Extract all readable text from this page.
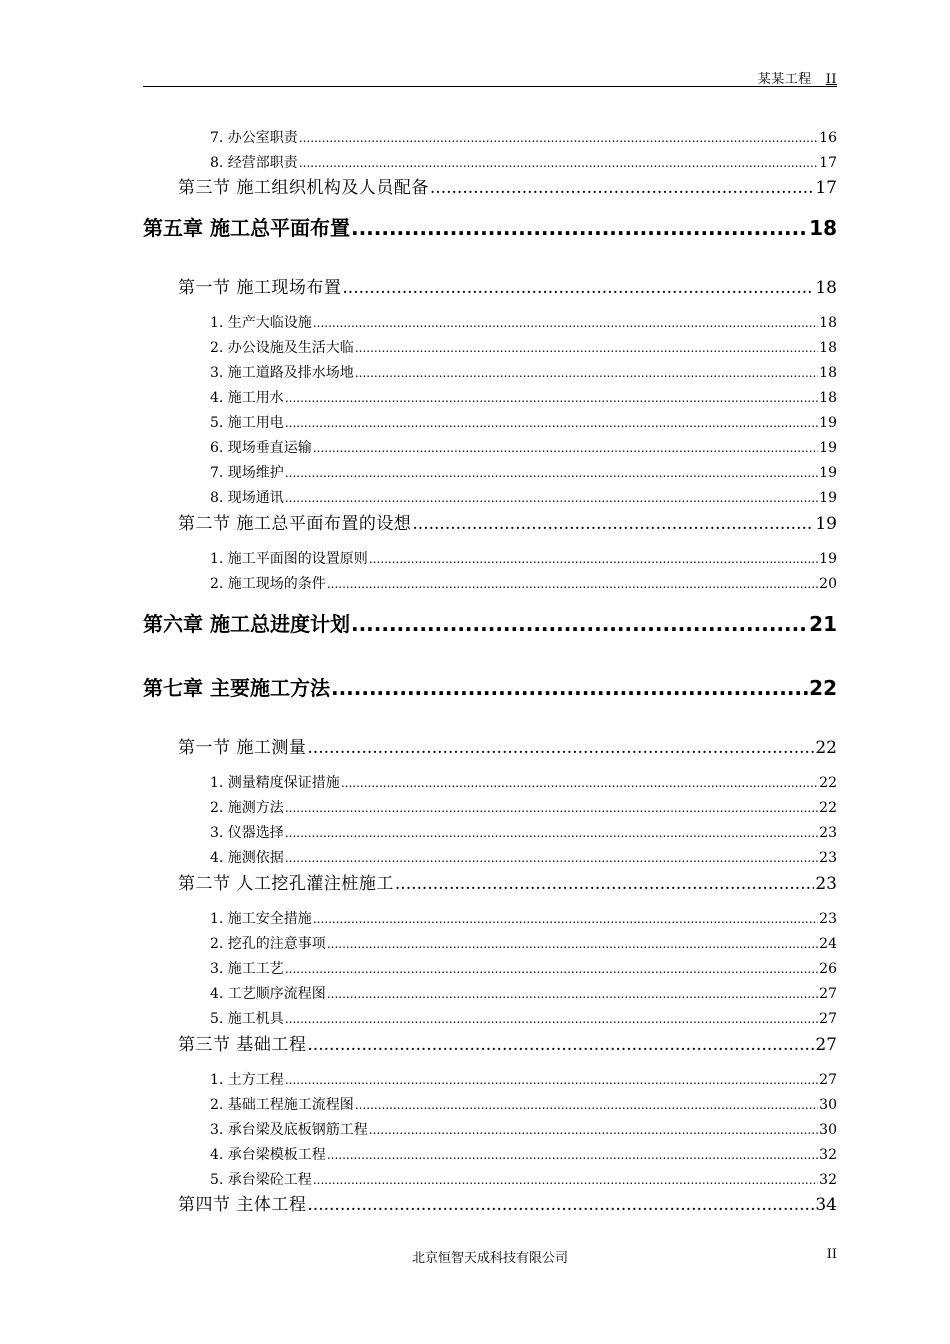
某某工程 II
7. 办公室职责 .....	16
8. 经营部职责 .....	17
第三节 施工组织机构及人员配备 .....	17
第五章 施工总平面布置 .....	18
第一节 施工现场布置 .....	18
1. 生产大临设施 .....	18
2. 办公设施及生活大临 .....	18
3. 施工道路及排水场地 .....	18
4. 施工用水 .....	18
5. 施工用电 .....	19
6. 现场垂直运输 .....	19
7. 现场维护 .....	19
8. 现场通讯 .....	19
第二节 施工总平面布置的设想 .....	19
1. 施工平面图的设置原则 .....	19
2. 施工现场的条件 .....	20
第六章 施工总进度计划 .....	21
第七章 主要施工方法 .....	22
第一节 施工测量 .....	22
1. 测量精度保证措施 .....	22
2. 施测方法 .....	22
3. 仪器选择 .....	23
4. 施测依据 .....	23
第二节 人工挖孔灌注桩施工 .....	23
1. 施工安全措施 .....	23
2. 挖孔的注意事项 .....	24
3. 施工工艺 .....	26
4. 工艺顺序流程图 .....	27
5. 施工机具 .....	27
第三节 基础工程 .....	27
1. 土方工程 .....	27
2. 基础工程施工流程图 .....	30
3. 承台梁及底板钢筋工程 .....	30
4. 承台梁模板工程 .....	32
5. 承台梁砼工程 .....	32
第四节 主体工程 .....	34
北京恒智天成科技有限公司	II
